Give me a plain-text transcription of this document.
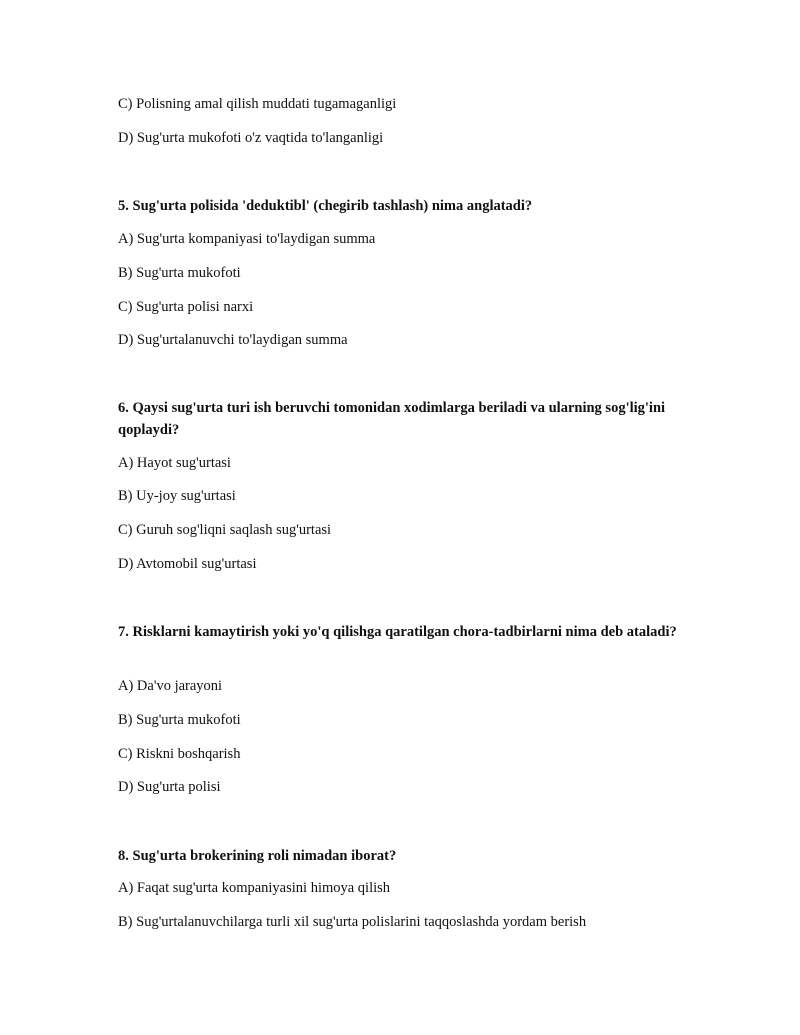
C) Polisning amal qilish muddati tugamaganligi
D) Sug'urta mukofoti o'z vaqtida to'langanligi
5. Sug'urta polisida 'deduktibl' (chegirib tashlash) nima anglatadi?
A) Sug'urta kompaniyasi to'laydigan summa
B) Sug'urta mukofoti
C) Sug'urta polisi narxi
D) Sug'urtalanuvchi to'laydigan summa
6. Qaysi sug'urta turi ish beruvchi tomonidan xodimlarga beriladi va ularning sog'lig'ini qoplaydi?
A) Hayot sug'urtasi
B) Uy-joy sug'urtasi
C) Guruh sog'liqni saqlash sug'urtasi
D) Avtomobil sug'urtasi
7. Risklarni kamaytirish yoki yo'q qilishga qaratilgan chora-tadbirlarni nima deb ataladi?
A) Da'vo jarayoni
B) Sug'urta mukofoti
C) Riskni boshqarish
D) Sug'urta polisi
8. Sug'urta brokerining roli nimadan iborat?
A) Faqat sug'urta kompaniyasini himoya qilish
B) Sug'urtalanuvchilarga turli xil sug'urta polislarini taqqoslashda yordam berish
